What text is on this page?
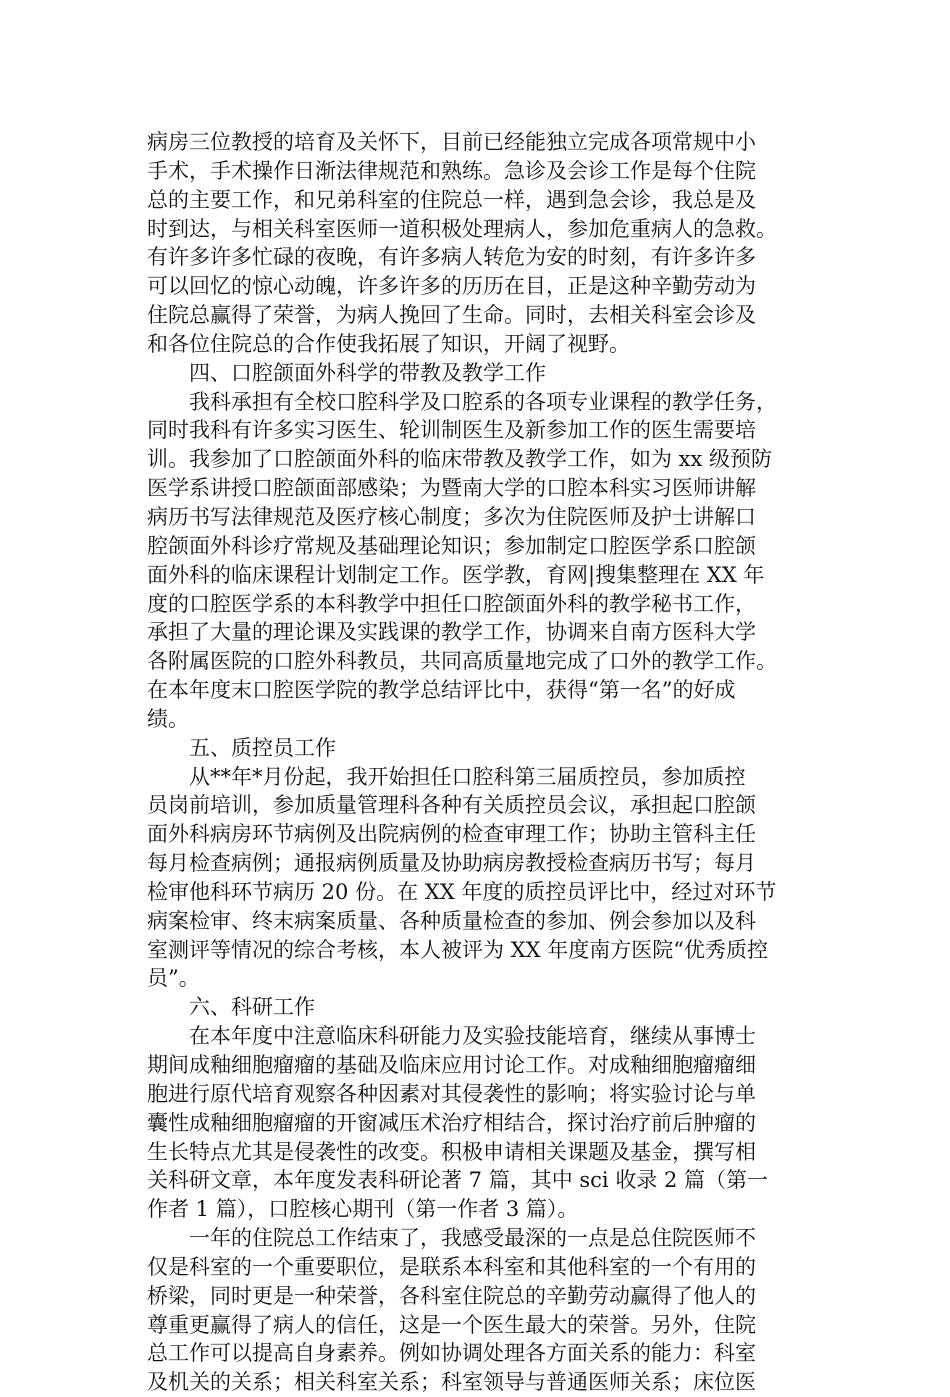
病房三位教授的培育及关怀下，目前已经能独立完成各项常规中小
手术，手术操作日渐法律规范和熟练。急诊及会诊工作是每个住院
总的主要工作，和兄弟科室的住院总一样，遇到急会诊，我总是及
时到达，与相关科室医师一道积极处理病人，参加危重病人的急救。
有许多许多忙碌的夜晚，有许多病人转危为安的时刻，有许多许多
可以回忆的惊心动魄，许多许多的历历在目，正是这种辛勤劳动为
住院总赢得了荣誉，为病人挽回了生命。同时，去相关科室会诊及
和各位住院总的合作使我拓展了知识，开阔了视野。
　　四、口腔颌面外科学的带教及教学工作
　　我科承担有全校口腔科学及口腔系的各项专业课程的教学任务，
同时我科有许多实习医生、轮训制医生及新参加工作的医生需要培
训。我参加了口腔颌面外科的临床带教及教学工作，如为 xx 级预防
医学系讲授口腔颌面部感染；为暨南大学的口腔本科实习医师讲解
病历书写法律规范及医疗核心制度；多次为住院医师及护士讲解口
腔颌面外科诊疗常规及基础理论知识；参加制定口腔医学系口腔颌
面外科的临床课程计划制定工作。医学教，育网|搜集整理在 XX 年
度的口腔医学系的本科教学中担任口腔颌面外科的教学秘书工作，
承担了大量的理论课及实践课的教学工作，协调来自南方医科大学
各附属医院的口腔外科教员，共同高质量地完成了口外的教学工作。
在本年度末口腔医学院的教学总结评比中，获得“第一名”的好成
绩。
　　五、质控员工作
　　从**年*月份起，我开始担任口腔科第三届质控员，参加质控
员岗前培训，参加质量管理科各种有关质控员会议，承担起口腔颌
面外科病房环节病例及出院病例的检查审理工作；协助主管科主任
每月检查病例；通报病例质量及协助病房教授检查病历书写；每月
检审他科环节病历 20 份。在 XX 年度的质控员评比中，经过对环节
病案检审、终末病案质量、各种质量检查的参加、例会参加以及科
室测评等情况的综合考核，本人被评为 XX 年度南方医院“优秀质控
员”。
　　六、科研工作
　　在本年度中注意临床科研能力及实验技能培育，继续从事博士
期间成釉细胞瘤瘤的基础及临床应用讨论工作。对成釉细胞瘤瘤细
胞进行原代培育观察各种因素对其侵袭性的影响；将实验讨论与单
囊性成釉细胞瘤瘤的开窗减压术治疗相结合，探讨治疗前后肿瘤的
生长特点尤其是侵袭性的改变。积极申请相关课题及基金，撰写相
关科研文章，本年度发表科研论著 7 篇，其中 sci 收录 2 篇（第一
作者 1 篇），口腔核心期刊（第一作者 3 篇）。
　　一年的住院总工作结束了，我感受最深的一点是总住院医师不
仅是科室的一个重要职位，是联系本科室和其他科室的一个有用的
桥梁，同时更是一种荣誉，各科室住院总的辛勤劳动赢得了他人的
尊重更赢得了病人的信任，这是一个医生最大的荣誉。另外，住院
总工作可以提高自身素养。例如协调处理各方面关系的能力：科室
及机关的关系；相关科室关系；科室领导与普通医师关系；床位医
